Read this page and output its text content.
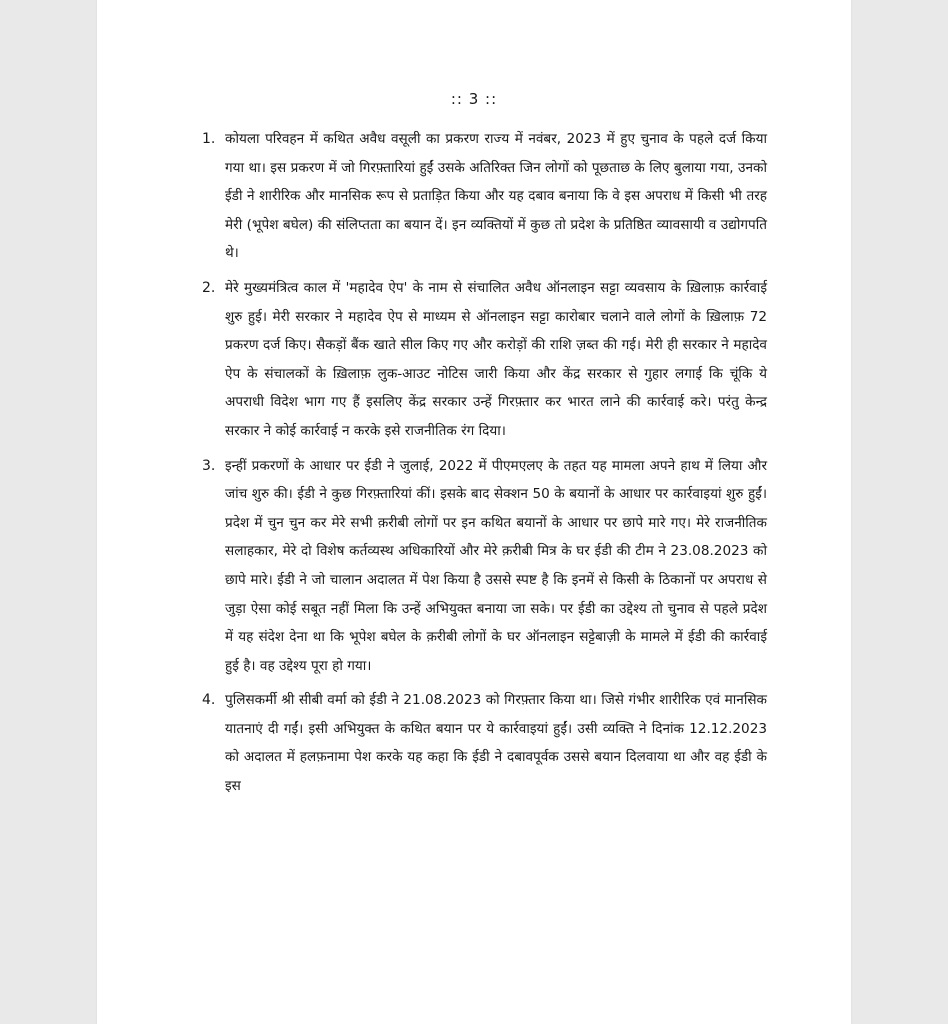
:: 3 ::
1. कोयला परिवहन में कथित अवैध वसूली का प्रकरण राज्य में नवंबर, 2023 में हुए चुनाव के पहले दर्ज किया गया था। इस प्रकरण में जो गिरफ़्तारियां हुईं उसके अतिरिक्त जिन लोगों को पूछताछ के लिए बुलाया गया, उनको ईडी ने शारीरिक और मानसिक रूप से प्रताड़ित किया और यह दबाव बनाया कि वे इस अपराध में किसी भी तरह मेरी (भूपेश बघेल) की संलिप्तता का बयान दें। इन व्यक्तियों में कुछ तो प्रदेश के प्रतिष्ठित व्यावसायी व उद्योगपति थे।

2. मेरे मुख्यमंत्रित्व काल में 'महादेव ऐप' के नाम से संचालित अवैध ऑनलाइन सट्टा व्यवसाय के ख़िलाफ़ कार्रवाई शुरु हुई। मेरी सरकार ने महादेव ऐप से माध्यम से ऑनलाइन सट्टा कारोबार चलाने वाले लोगों के ख़िलाफ़ 72 प्रकरण दर्ज किए। सैकड़ों बैंक खाते सील किए गए और करोड़ों की राशि ज़ब्त की गई। मेरी ही सरकार ने महादेव ऐप के संचालकों के ख़िलाफ़ लुक-आउट नोटिस जारी किया और केंद्र सरकार से गुहार लगाई कि चूंकि ये अपराधी विदेश भाग गए हैं इसलिए केंद्र सरकार उन्हें गिरफ़्तार कर भारत लाने की कार्रवाई करे। परंतु केन्द्र सरकार ने कोई कार्रवाई न करके इसे राजनीतिक रंग दिया।

3. इन्हीं प्रकरणों के आधार पर ईडी ने जुलाई, 2022 में पीएमएलए के तहत यह मामला अपने हाथ में लिया और जांच शुरु की। ईडी ने कुछ गिरफ़्तारियां कीं। इसके बाद सेक्शन 50 के बयानों के आधार पर कार्रवाइयां शुरु हुईं। प्रदेश में चुन चुन कर मेरे सभी क़रीबी लोगों पर इन कथित बयानों के आधार पर छापे मारे गए। मेरे राजनीतिक सलाहकार, मेरे दो विशेष कर्तव्यस्थ अधिकारियों और मेरे क़रीबी मित्र के घर ईडी की टीम ने 23.08.2023 को छापे मारे। ईडी ने जो चालान अदालत में पेश किया है उससे स्पष्ट है कि इनमें से किसी के ठिकानों पर अपराध से जुड़ा ऐसा कोई सबूत नहीं मिला कि उन्हें अभियुक्त बनाया जा सके। पर ईडी का उद्देश्य तो चुनाव से पहले प्रदेश में यह संदेश देना था कि भूपेश बघेल के क़रीबी लोगों के घर ऑनलाइन सट्टेबाज़ी के मामले में ईडी की कार्रवाई हुई है। वह उद्देश्य पूरा हो गया।

4. पुलिसकर्मी श्री सीबी वर्मा को ईडी ने 21.08.2023 को गिरफ़्तार किया था। जिसे गंभीर शारीरिक एवं मानसिक यातनाएं दी गईं। इसी अभियुक्त के कथित बयान पर ये कार्रवाइयां हुईं। उसी व्यक्ति ने दिनांक 12.12.2023 को अदालत में हलफ़नामा पेश करके यह कहा कि ईडी ने दबावपूर्वक उससे बयान दिलवाया था और वह ईडी के इस
